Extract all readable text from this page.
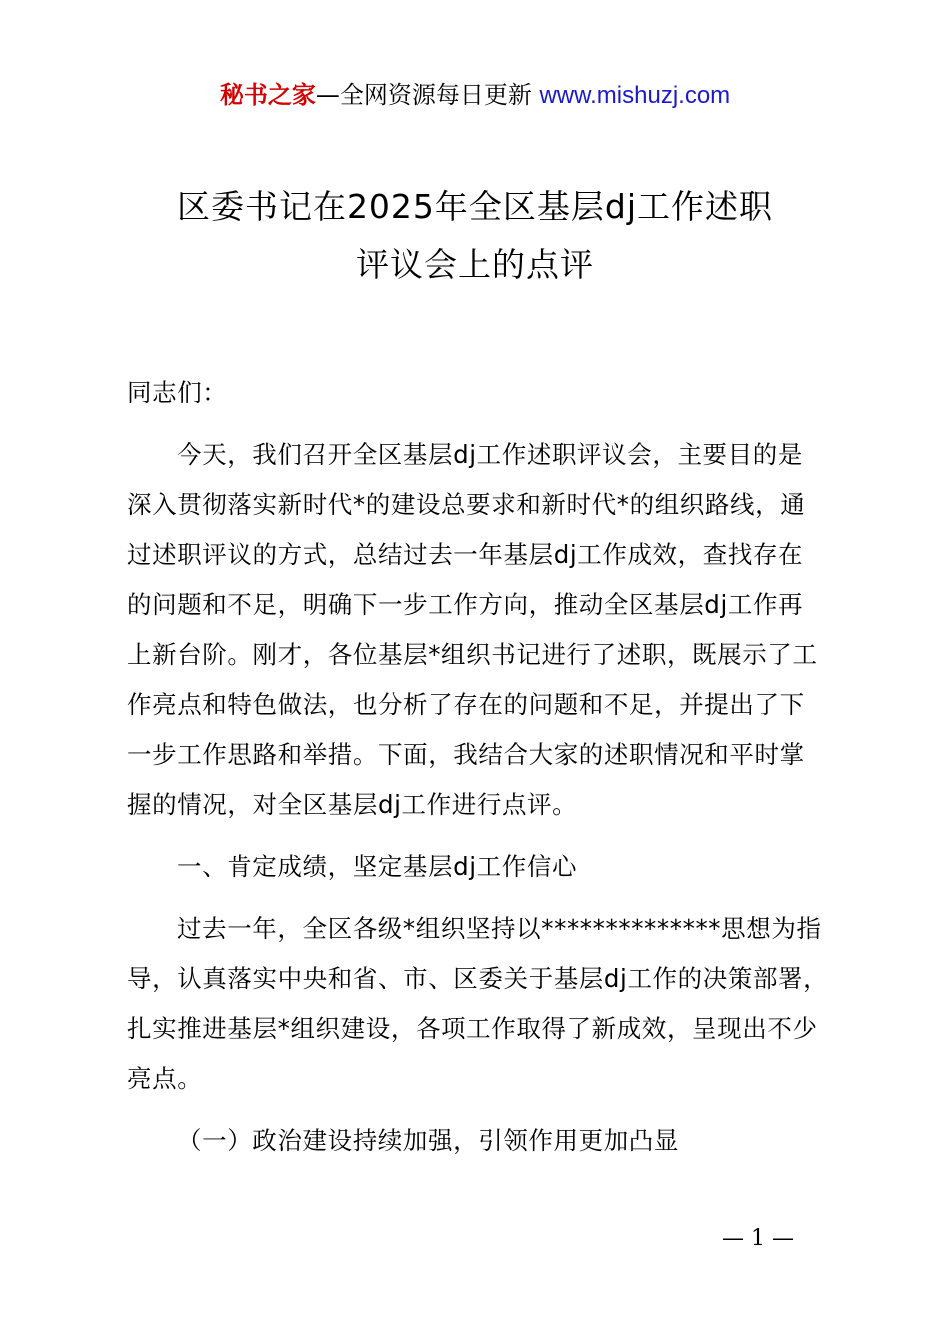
秘书之家—全网资源每日更新 www.mishuzj.com
区委书记在2025年全区基层dj工作述职
评议会上的点评
同志们：
今天，我们召开全区基层dj工作述职评议会，主要目的是
深入贯彻落实新时代*的建设总要求和新时代*的组织路线，通
过述职评议的方式，总结过去一年基层dj工作成效，查找存在
的问题和不足，明确下一步工作方向，推动全区基层dj工作再
上新台阶。刚才，各位基层*组织书记进行了述职，既展示了工
作亮点和特色做法，也分析了存在的问题和不足，并提出了下
一步工作思路和举措。下面，我结合大家的述职情况和平时掌
握的情况，对全区基层dj工作进行点评。
一、肯定成绩，坚定基层dj工作信心
过去一年，全区各级*组织坚持以**************思想为指
导，认真落实中央和省、市、区委关于基层dj工作的决策部署，
扎实推进基层*组织建设，各项工作取得了新成效，呈现出不少
亮点。
（一）政治建设持续加强，引领作用更加凸显
— 1 —
